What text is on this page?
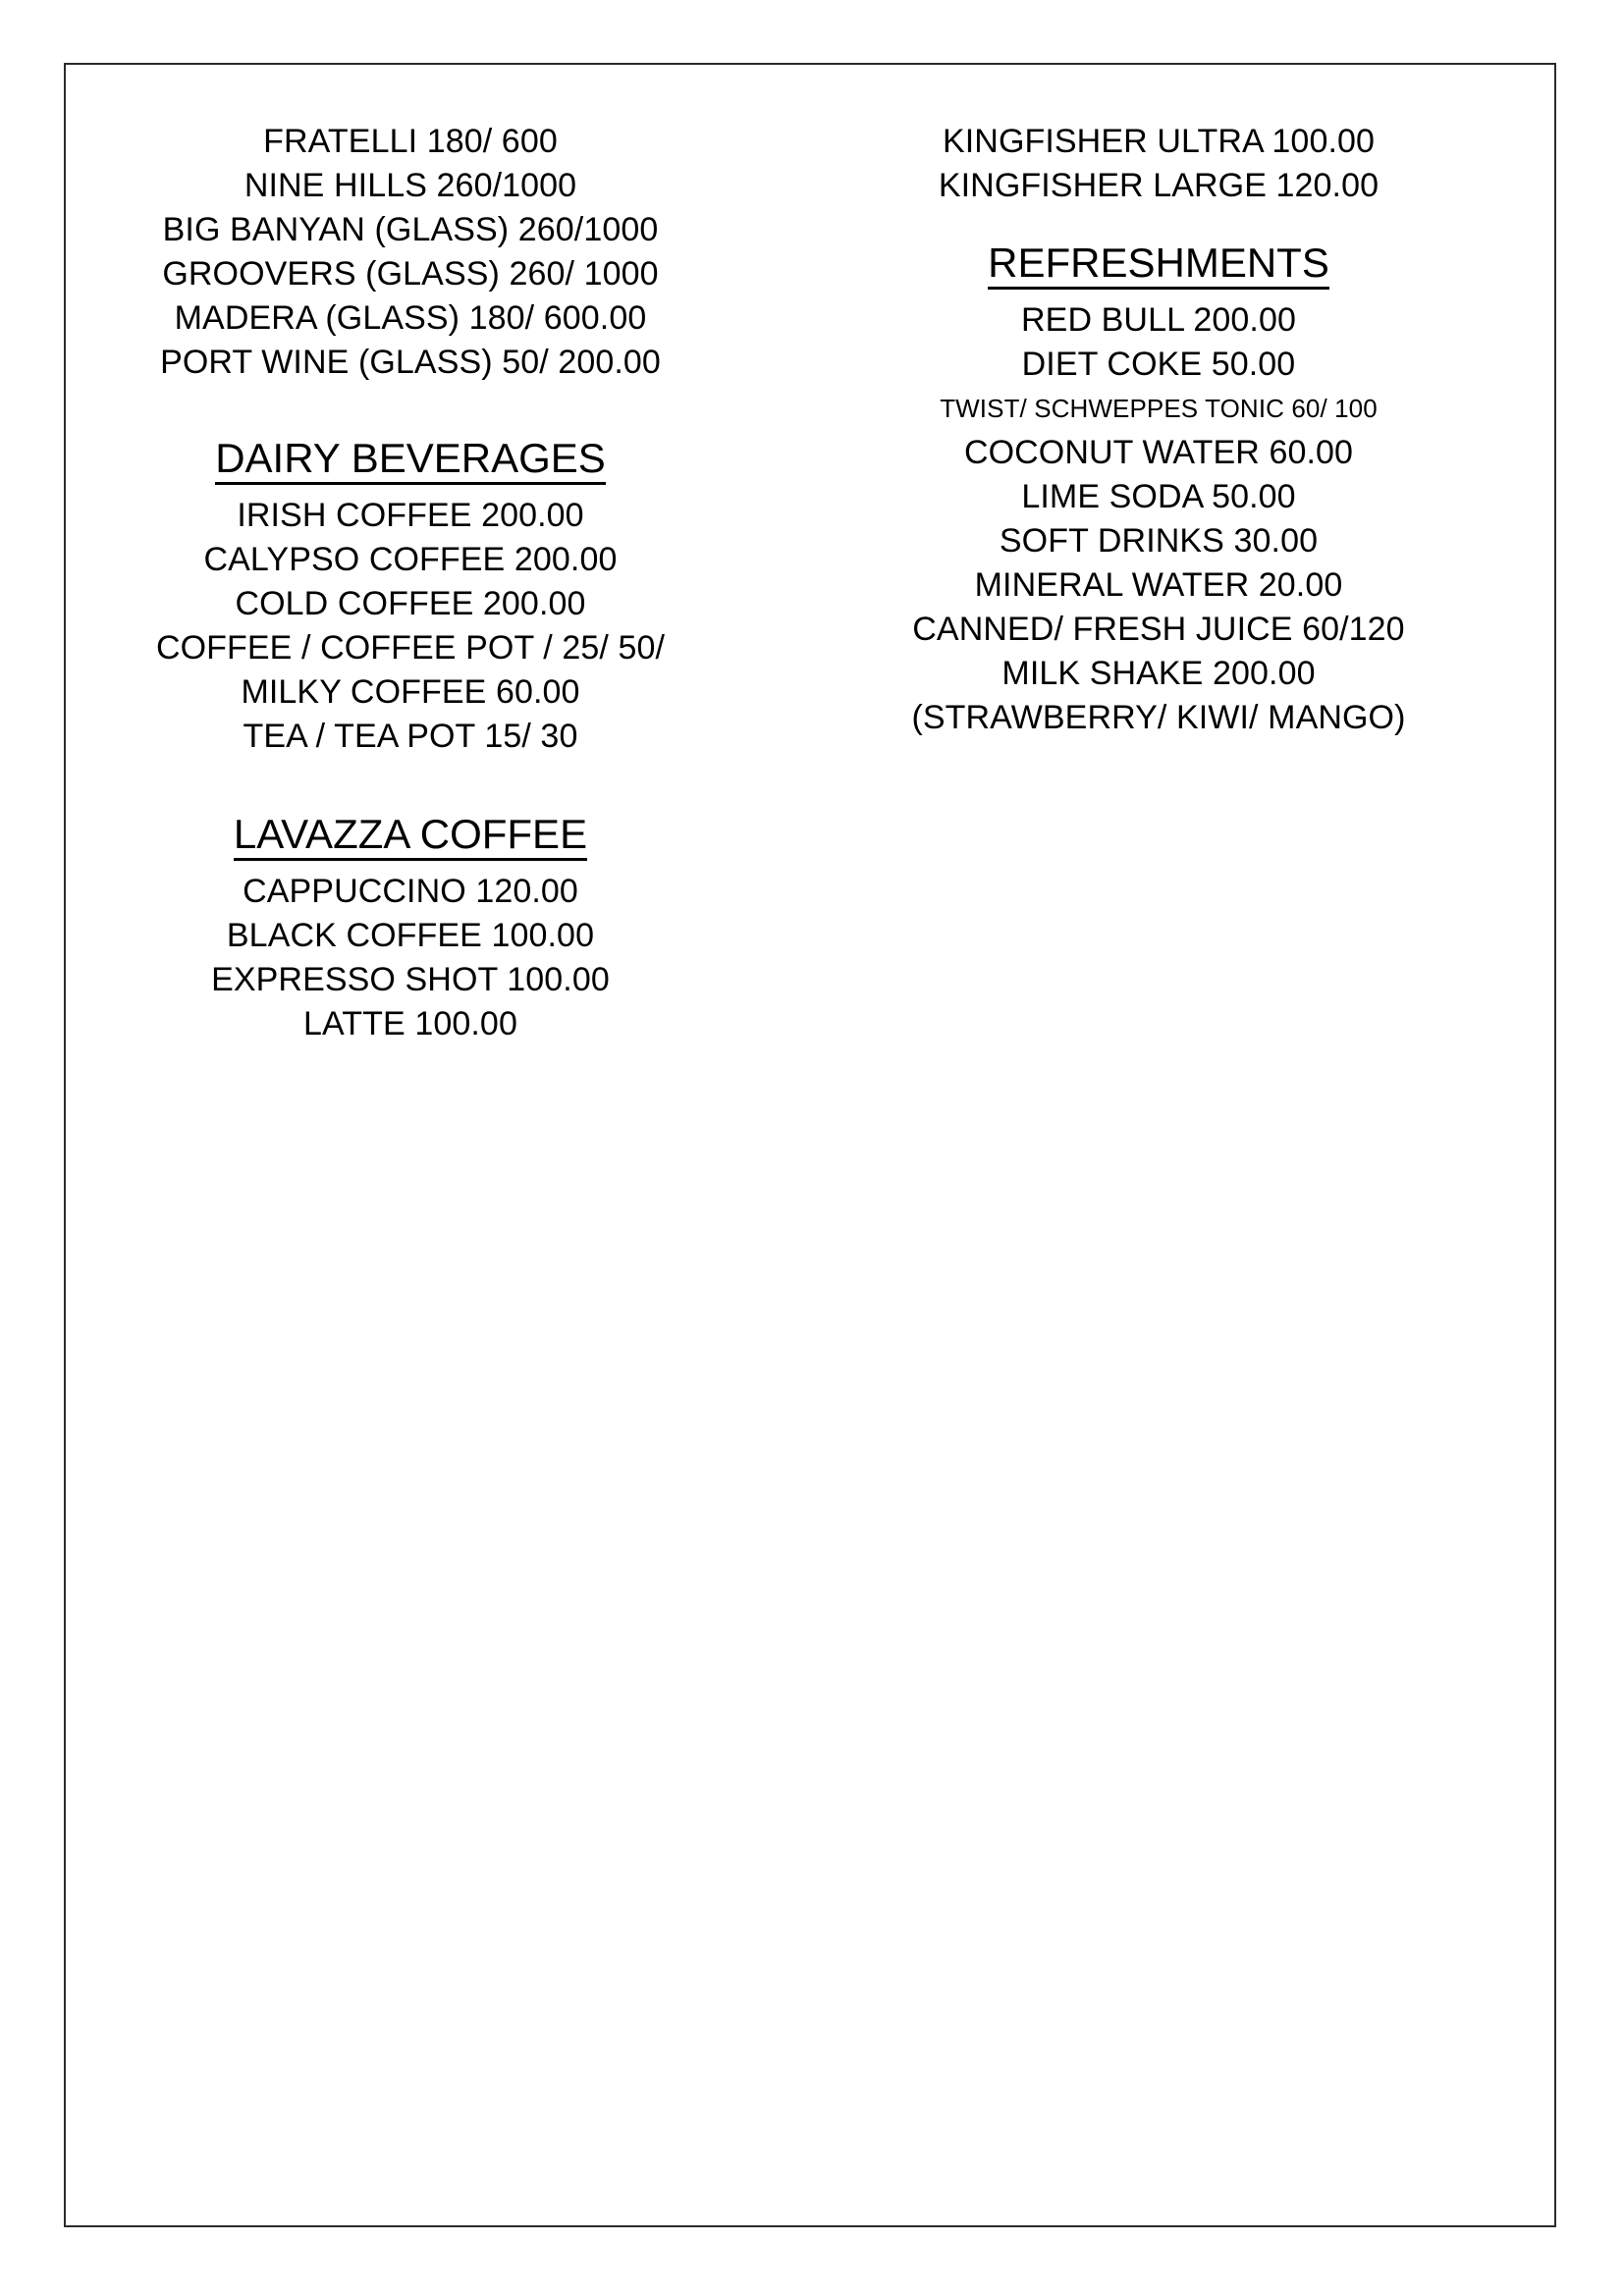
FRATELLI 180/ 600
NINE HILLS 260/1000
BIG BANYAN (GLASS) 260/1000
GROOVERS (GLASS) 260/ 1000
MADERA (GLASS) 180/ 600.00
PORT WINE (GLASS) 50/ 200.00
DAIRY BEVERAGES
IRISH COFFEE 200.00
CALYPSO COFFEE 200.00
COLD COFFEE 200.00
COFFEE / COFFEE POT / 25/ 50/
MILKY COFFEE 60.00
TEA / TEA POT 15/ 30
LAVAZZA COFFEE
CAPPUCCINO 120.00
BLACK COFFEE 100.00
EXPRESSO SHOT 100.00
LATTE 100.00
KINGFISHER ULTRA 100.00
KINGFISHER LARGE 120.00
REFRESHMENTS
RED BULL 200.00
DIET COKE 50.00
TWIST/ SCHWEPPES TONIC 60/ 100
COCONUT WATER 60.00
LIME SODA 50.00
SOFT DRINKS 30.00
MINERAL WATER 20.00
CANNED/ FRESH JUICE 60/120
MILK SHAKE 200.00
(STRAWBERRY/ KIWI/ MANGO)
